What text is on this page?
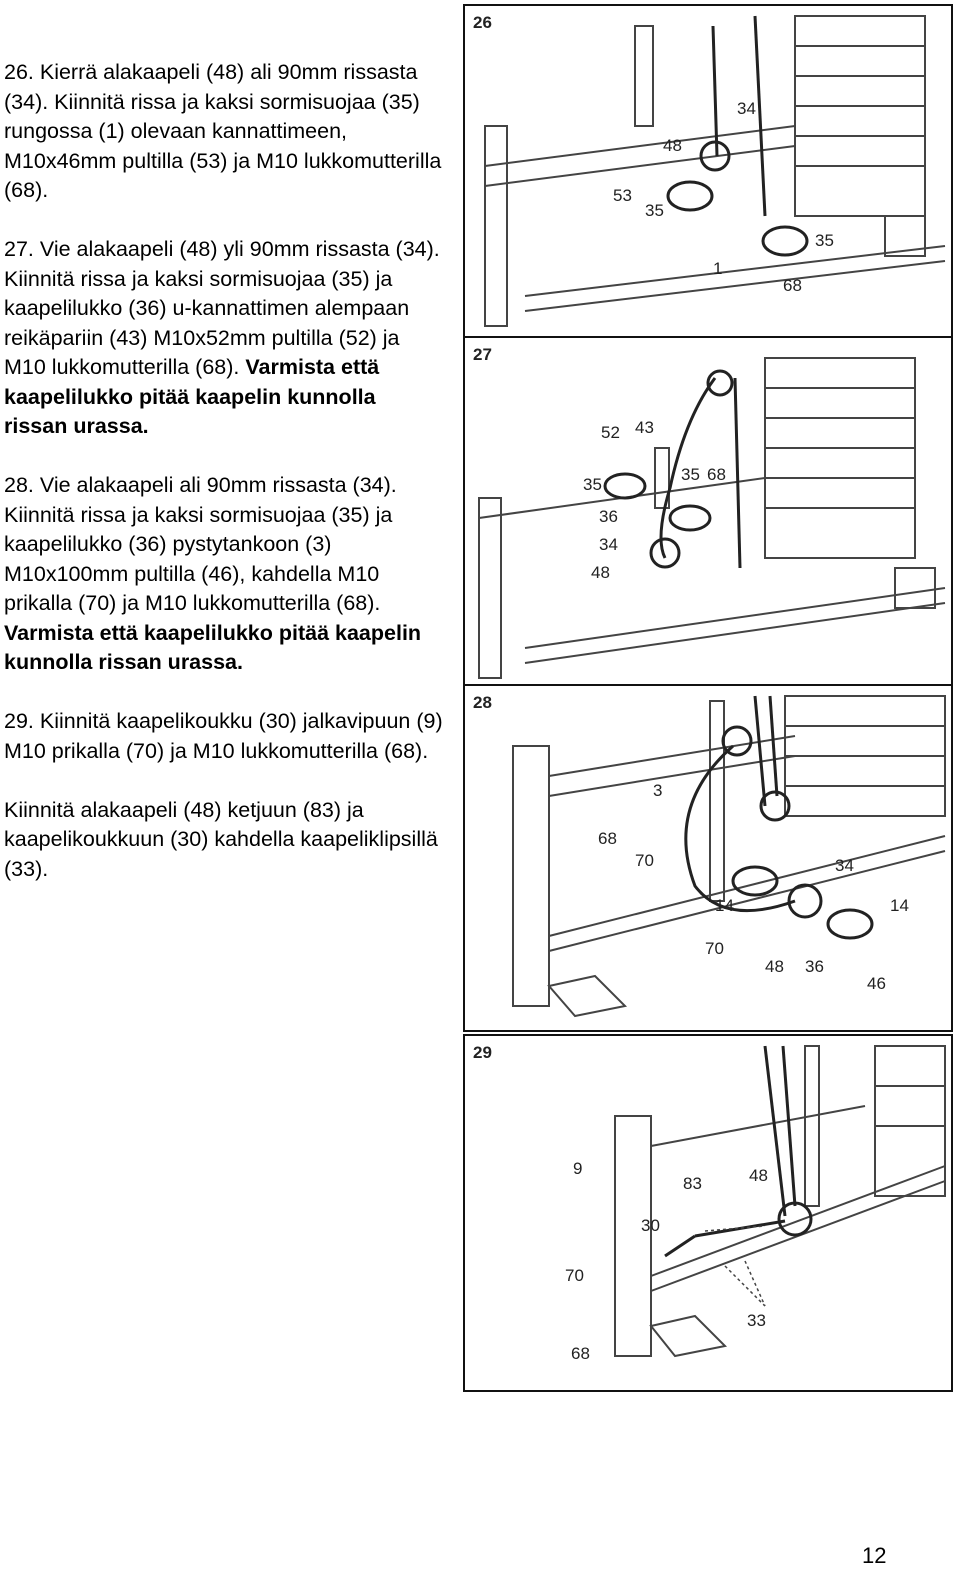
26. Kierrä alakaapeli (48) ali 90mm rissasta (34). Kiinnitä rissa ja kaksi sormisuojaa (35) rungossa (1) olevaan kannattimeen, M10x46mm pultilla (53) ja M10 lukkomutterilla (68).

27. Vie alakaapeli (48) yli 90mm rissasta (34). Kiinnitä rissa ja kaksi sormisuojaa (35) ja kaapelilukko (36) u-kannattimen alempaan reikäpariin (43) M10x52mm pultilla (52) ja M10 lukkomutterilla (68). Varmista että kaapelilukko pitää kaapelin kunnolla rissan urassa.

28. Vie alakaapeli ali 90mm rissasta (34). Kiinnitä rissa ja kaksi sormisuojaa (35) ja kaapelilukko (36) pystytankoon (3) M10x100mm pultilla (46), kahdella M10 prikalla (70) ja M10 lukkomutterilla (68). Varmista että kaapelilukko pitää kaapelin kunnolla rissan urassa.

29. Kiinnitä kaapelikoukku (30) jalkavipuun (9) M10 prikalla (70) ja M10 lukkomutterilla (68).

Kiinnitä alakaapeli (48) ketjuun (83) ja kaapelikoukkuun (30) kahdella kaapeliklipsillä (33).

26
34
48
53
35
35
1
68
27
52 43
35
68
35
36
34
48
28
3
68
70	34
14	14
70
48 36
46
29
9
83	48
30
70
33
68
12
